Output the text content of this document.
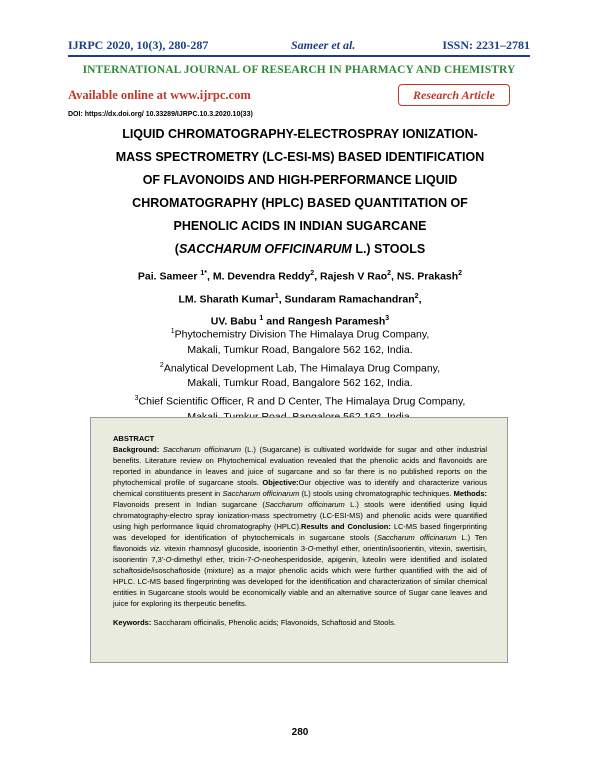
IJRPC 2020, 10(3), 280-287	Sameer et al.	ISSN: 2231–2781
INTERNATIONAL JOURNAL OF RESEARCH IN PHARMACY AND CHEMISTRY
Available online at www.ijrpc.com	Research Article
DOI: https://dx.doi.org/ 10.33289/IJRPC.10.3.2020.10(33)
LIQUID CHROMATOGRAPHY-ELECTROSPRAY IONIZATION-
MASS SPECTROMETRY (LC-ESI-MS) BASED IDENTIFICATION
OF FLAVONOIDS AND HIGH-PERFORMANCE LIQUID
CHROMATOGRAPHY (HPLC) BASED QUANTITATION OF
PHENOLIC ACIDS IN INDIAN SUGARCANE
(SACCHARUM OFFICINARUM L.) STOOLS
Pai. Sameer $^{1*}$, M. Devendra Reddy$^2$, Rajesh V Rao$^2$, NS. Prakash$^2$
LM. Sharath Kumar$^1$, Sundaram Ramachandran$^2$,
UV. Babu $^1$ and Rangesh Paramesh$^3$
$^1$Phytochemistry Division The Himalaya Drug Company,
Makali, Tumkur Road, Bangalore 562 162, India.
$^2$Analytical Development Lab, The Himalaya Drug Company,
Makali, Tumkur Road, Bangalore 562 162, India.
$^3$Chief Scientific Officer, R and D Center, The Himalaya Drug Company,
ABSTRACT

Background: Saccharum officinarum (L.) (Sugarcane) is cultivated worldwide for sugar and other industrial benefits. Literature review on Phytochemical evaluation revealed that the phenolic acids and flavonoids are reported in abundance in leaves and juice of sugarcane and so far there is no published reports on the phytochemical profile of sugarcane stools. Objective:Our objective was to identify and characterize various chemical constituents present in Saccharum officinarum (L) stools using chromatographic techniques. Methods: Flavonoids present in Indian sugarcane (Saccharum officinarum L.) stools were identified using liquid chromatography-electro spray ionization-mass spectrometry (LC-ESI-MS) and phenolic acids were quantified using high performance liquid chromatography (HPLC).Results and Conclusion: LC-MS based fingerprinting was developed for identification of phytochemicals in sugarcane stools (Saccharum officinarum L.) Ten flavonoids viz. vitexin rhamnosyl glucoside, isoorientin 3-O-methyl ether, orientin/isoorientin, vitexin, swertisin, isoorientin 7,3'-O-dimethyl ether, tricin-7-O-neohesperidoside, apigenin, luteolin were identified and isolated schaftoside/isoschaftoside (mixture) as a major phenolic acids which were further quantified with the aid of HPLC. LC-MS based fingerprinting was developed for the identification and characterization of similar chemical entities in Sugarcane stools would be economically viable and an alternative source of Sugar cane leaves and juice for exploring its therpeutic benefits.

Keywords: Saccharam officinalis, Phenolic acids; Flavonoids, Schaftosid and Stools.

280
